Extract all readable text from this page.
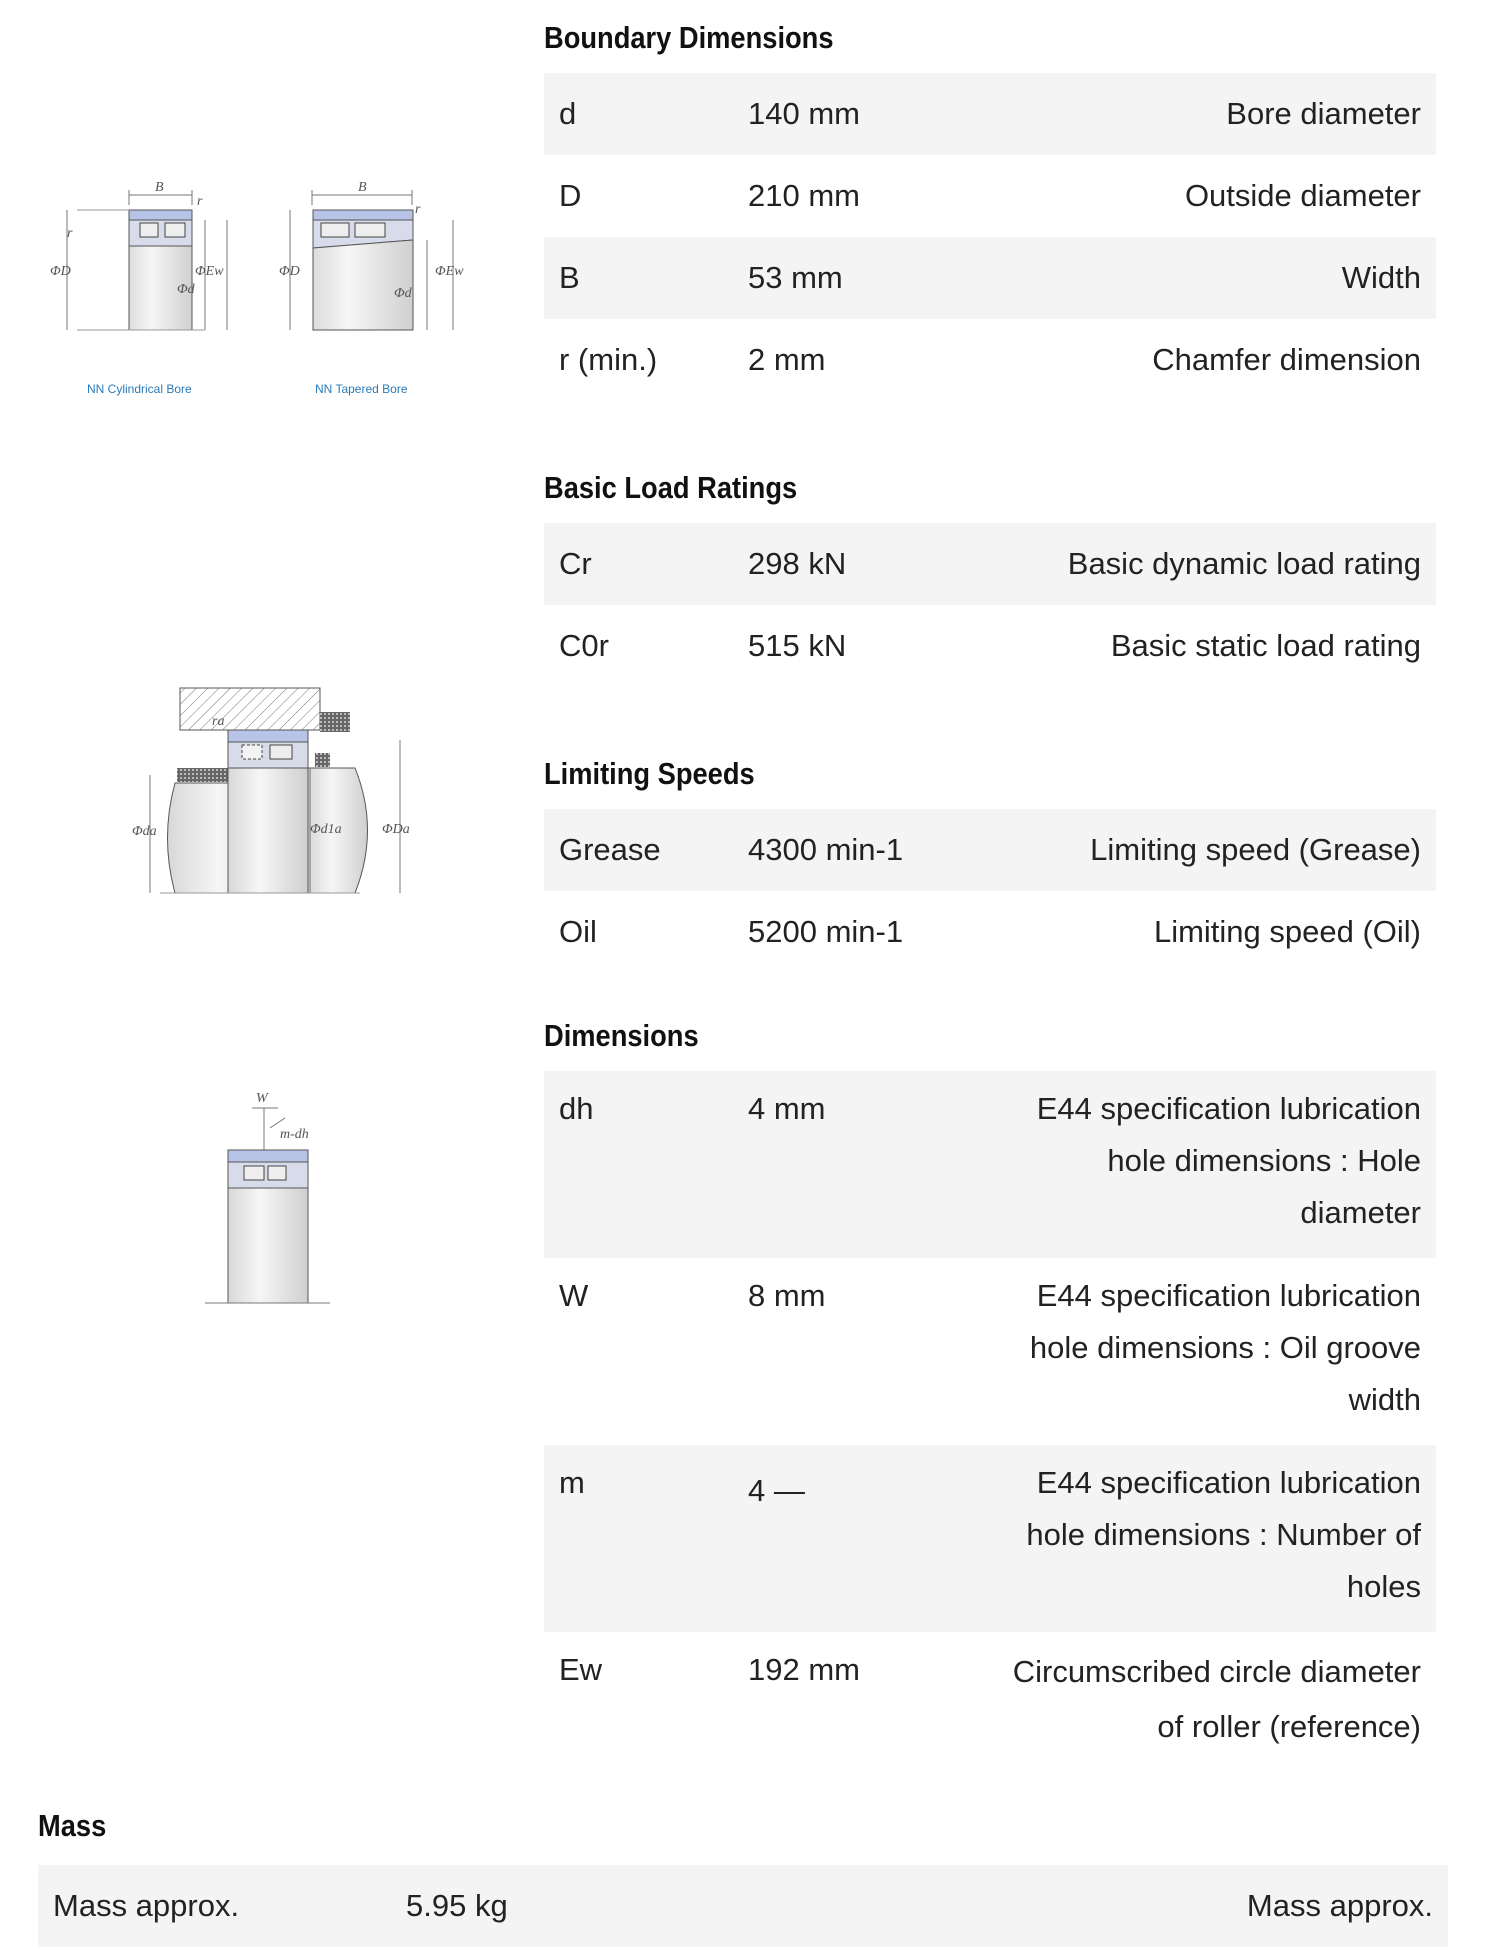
B
r
ΦD
r
Φd
ΦEw
NN Cylindrical Bore
B
r
ΦD
Φd
ΦEw
NN Tapered Bore
ra
Φda	Φd1a	ΦDa
W
m-dh
Boundary Dimensions
d	140 mm	Bore diameter
D	210 mm	Outside diameter
B	53 mm	Width
r (min.)	2 mm	Chamfer dimension
Basic Load Ratings
Cr	298 kN	Basic dynamic load rating
C0r	515 kN	Basic static load rating
Limiting Speeds
Grease	4300 min-1	Limiting speed (Grease)
Oil	5200 min-1	Limiting speed (Oil)
Dimensions
dh	4 mm	E44 specification lubrication
hole dimensions : Hole
diameter
W	8 mm	E44 specification lubrication
hole dimensions : Oil groove
width
m	4 —	E44 specification lubrication
hole dimensions : Number of
holes
Ew	192 mm	Circumscribed circle diameter
of roller (reference)
Mass
Mass approx.	5.95 kg	Mass approx.
